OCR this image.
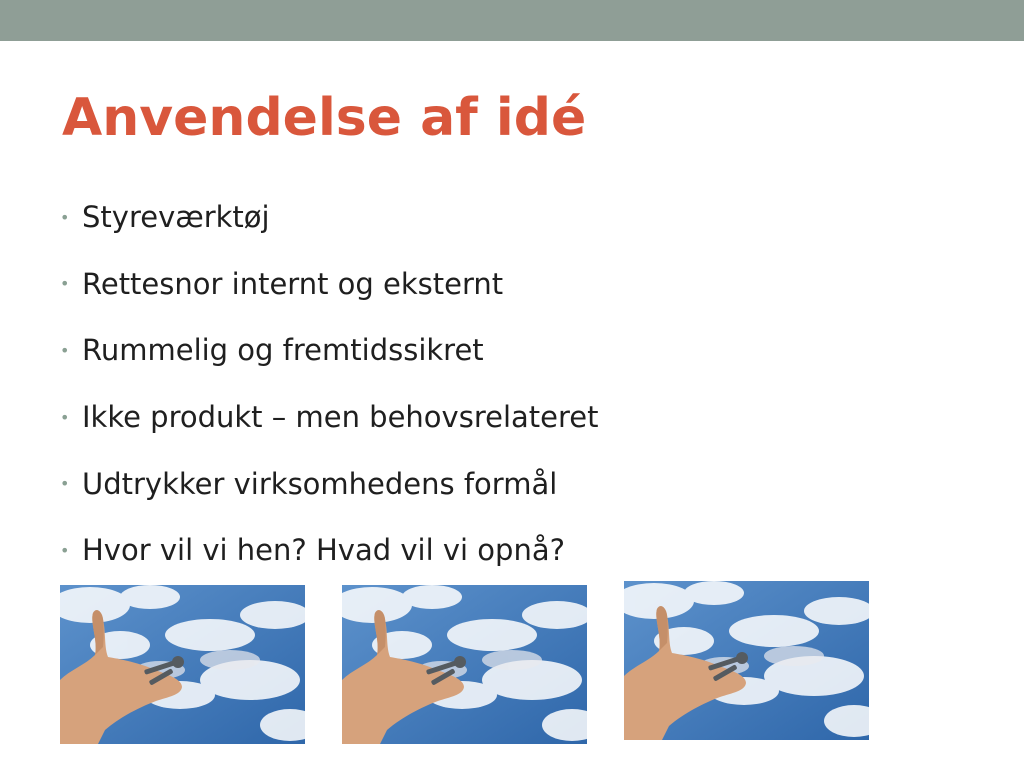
Anvendelse af idé
• Styreværktøj
• Rettesnor internt og eksternt
• Rummelig og fremtidssikret
• Ikke produkt – men behovsrelateret
• Udtrykker virksomhedens formål
• Hvor vil vi hen? Hvad vil vi opnå?
